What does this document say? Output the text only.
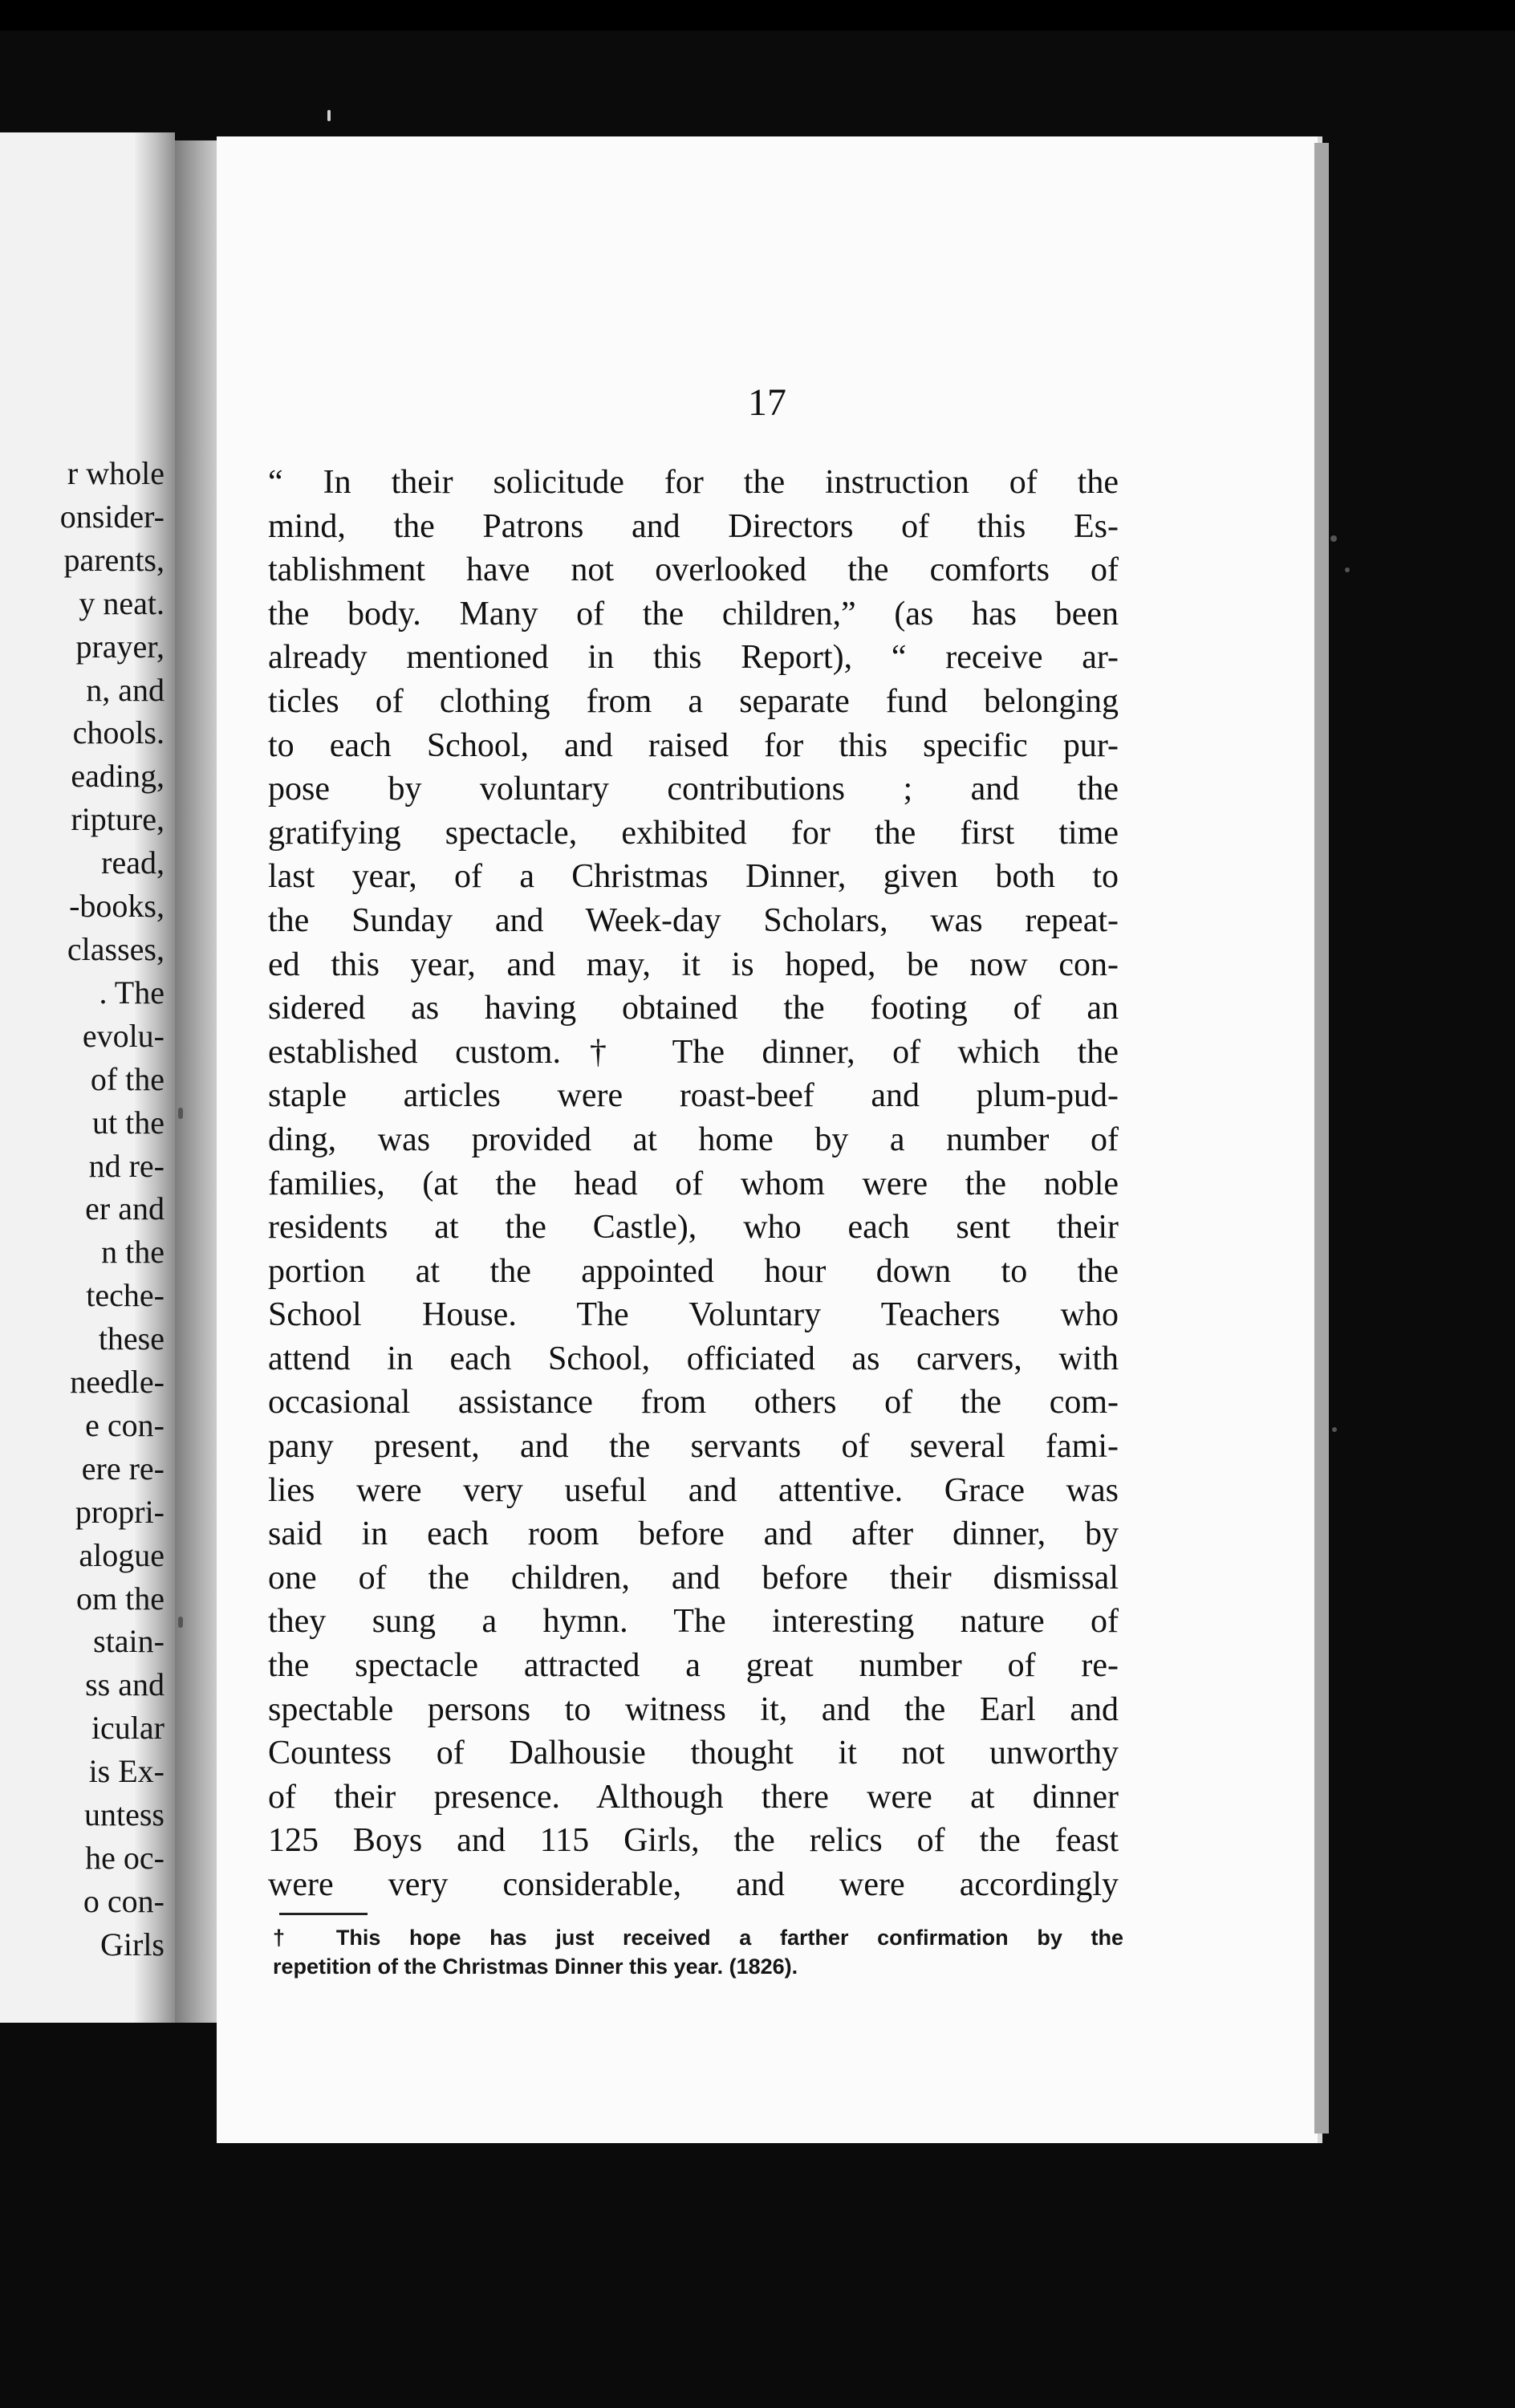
r whole
onsider-
parents,
y neat.
prayer,
n, and
chools.
eading,
ripture,
read,
-books,
classes,
. The
evolu-
of the
ut the
nd re-
er and
n the
teche-
these
needle-
e con-
ere re-
propri-
alogue
om the
stain-
ss and
icular
is Ex-
untess
he oc-
o con-
Girls
17
“ In their solicitude for the instruction of the
mind, the Patrons and Directors of this Es-
tablishment have not overlooked the comforts of
the body. Many of the children,” (as has been
already mentioned in this Report), “ receive ar-
ticles of clothing from a separate fund belonging
to each School, and raised for this specific pur-
pose by voluntary contributions ; and the
gratifying spectacle, exhibited for the first time
last year, of a Christmas Dinner, given both to
the Sunday and Week-day Scholars, was repeat-
ed this year, and may, it is hoped, be now con-
sidered as having obtained the footing of an
established custom.† The dinner, of which the
staple articles were roast-beef and plum-pud-
ding, was provided at home by a number of
families, (at the head of whom were the noble
residents at the Castle), who each sent their
portion at the appointed hour down to the
School House. The Voluntary Teachers who
attend in each School, officiated as carvers, with
occasional assistance from others of the com-
pany present, and the servants of several fami-
lies were very useful and attentive. Grace was
said in each room before and after dinner, by
one of the children, and before their dismissal
they sung a hymn. The interesting nature of
the spectacle attracted a great number of re-
spectable persons to witness it, and the Earl and
Countess of Dalhousie thought it not unworthy
of their presence. Although there were at dinner
125 Boys and 115 Girls, the relics of the feast
were very considerable, and were accordingly
† This hope has just received a farther confirmation by the
repetition of the Christmas Dinner this year. (1826).
